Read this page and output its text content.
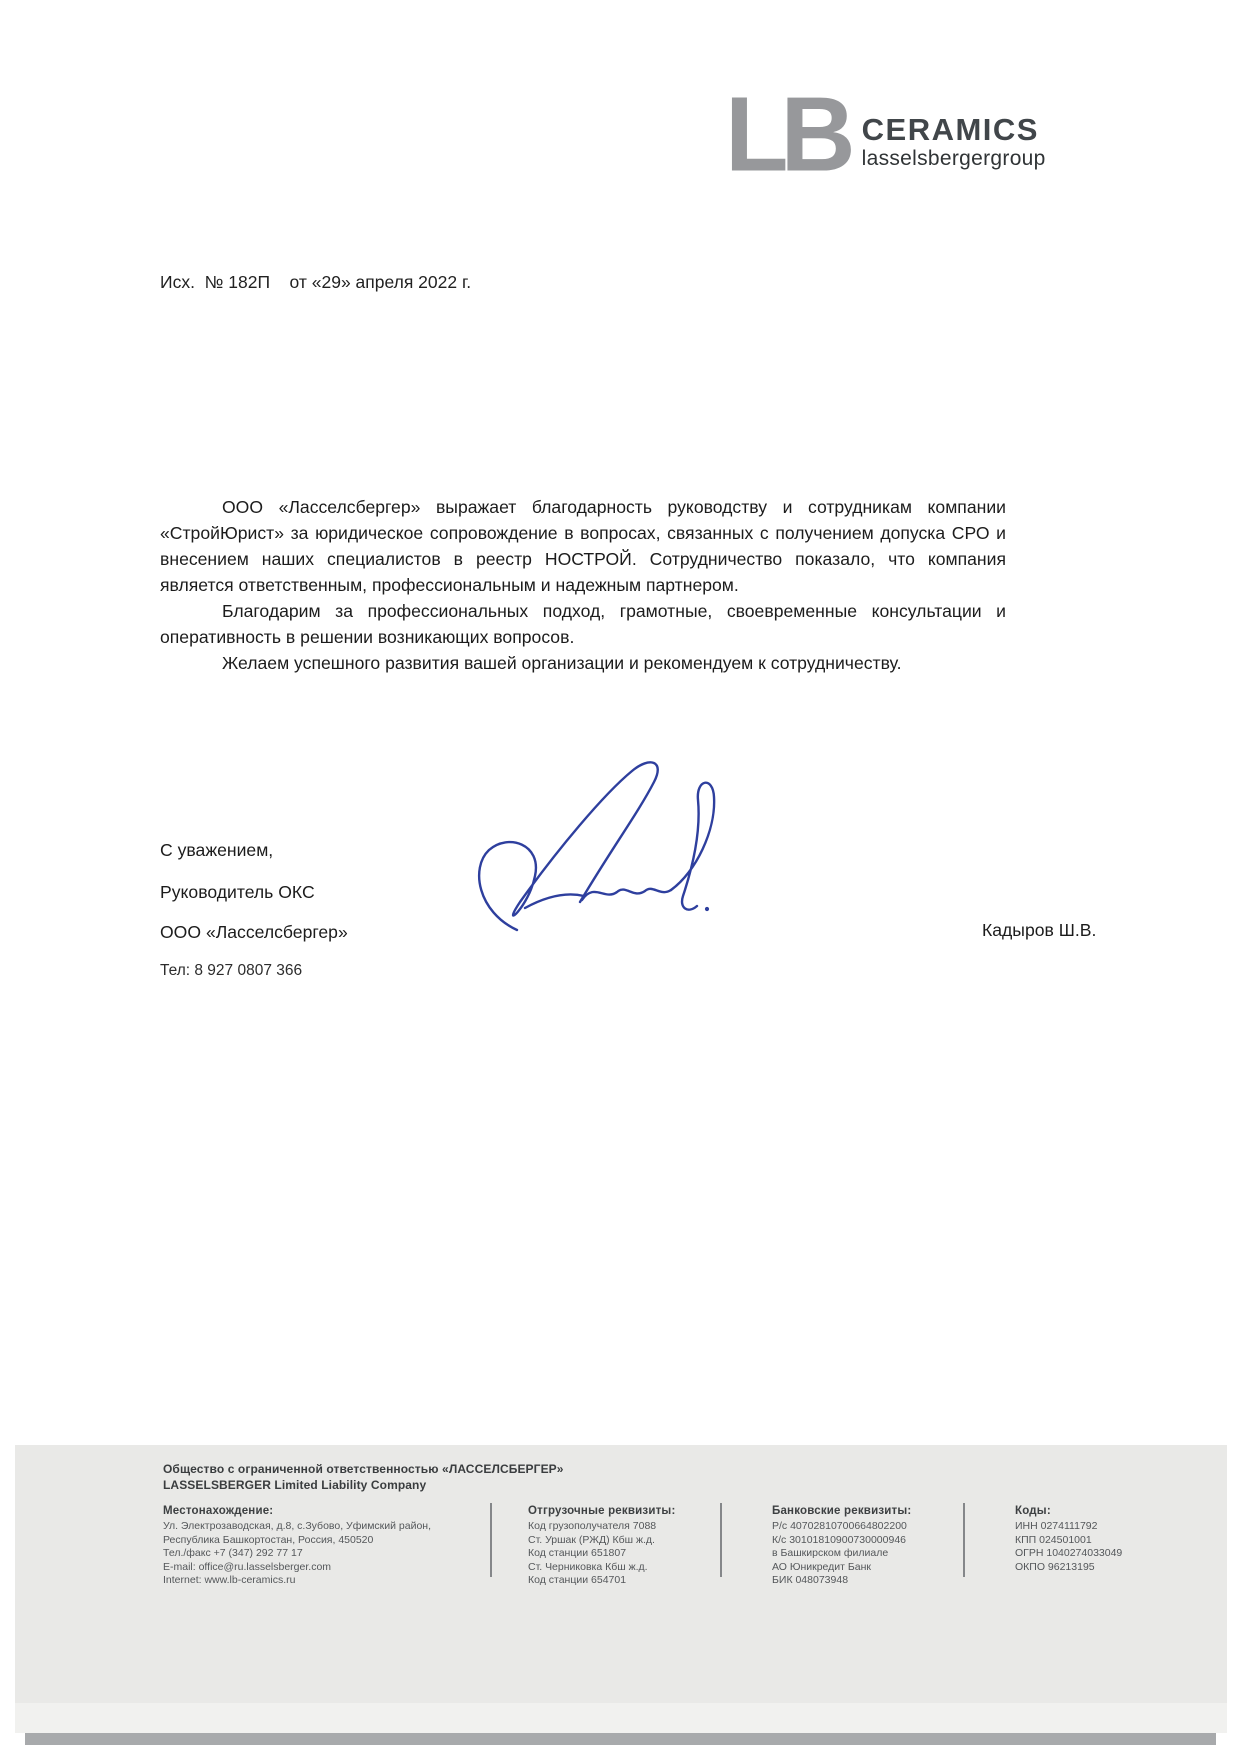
LB CERAMICS
lasselsbergergroup
Исх.  № 182П    от «29» апреля 2022 г.

ООО «Ласселсбергер» выражает благодарность руководству и сотрудникам компании «СтройЮрист» за юридическое сопровождение в вопросах, связанных с получением допуска СРО и внесением наших специалистов в реестр НОСТРОЙ. Сотрудничество показало, что компания является ответственным, профессиональным и надежным партнером.

Благодарим за профессиональных подход, грамотные, своевременные консультации и оперативность в решении возникающих вопросов.

Желаем успешного развития вашей организации и рекомендуем к сотрудничеству.

С уважением,
Руководитель ОКС
ООО «Ласселсбергер»
Тел: 8 927 0807 366
Кадыров Ш.В.
Общество с ограниченной ответственностью «ЛАССЕЛСБЕРГЕР»
LASSELSBERGER Limited Liability Company
Местонахождение:
Ул. Электрозаводская, д.8, с.Зубово, Уфимский район,
Республика Башкортостан, Россия, 450520
Тел./факс +7 (347) 292 77 17
E-mail: office@ru.lasselsberger.com
Internet: www.lb-ceramics.ru
Отгрузочные реквизиты:
Код грузополучателя 7088
Ст. Уршак (РЖД) Кбш ж.д.
Код станции 651807
Ст. Черниковка Кбш ж.д.
Код станции 654701
Банковские реквизиты:
Р/с 40702810700664802200
К/с 30101810900730000946
в Башкирском филиале
АО Юникредит Банк
БИК 048073948
Коды:
ИНН 0274111792
КПП 024501001
ОГРН 1040274033049
ОКПО 96213195
